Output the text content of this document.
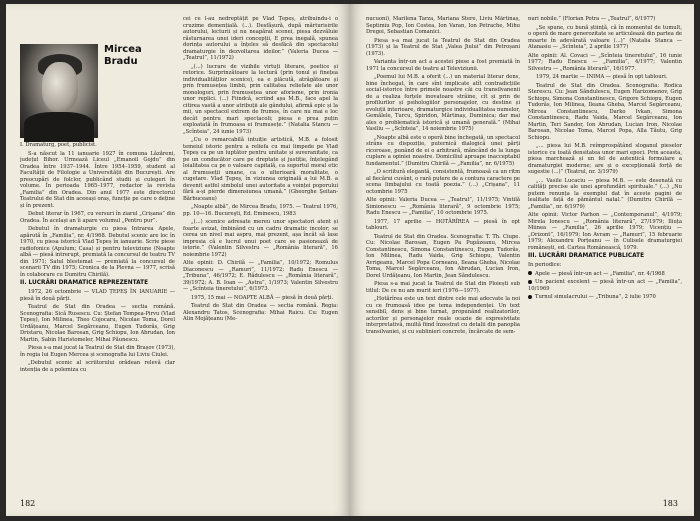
Mircea
Bradu

I. Dramaturg, poet, publicist.

S-a născut la 11 ianuarie 1927 în comuna Lăzăreni, județul Bihor. Urmează Liceul „Emanoil Gojdu” din Oradea între 1937–1944. Între 1954–1959, student al Facultății de Filologie a Universității din București. Are preocupări de folclor, publicând studii și culegeri în volume. În perioada 1965–1977, redactor la revista „Familia” din Oradea. Din anul 1977 este directorul Teatrului de Stat din aceeași oraș, funcție pe care o deține și în prezent.

Debut literar în 1967, cu versuri în ziarul „Crișana” din Oradea. În același an îi apare volumul „Pentru pur”.

Debutul în dramaturgie cu piesa Intrarea Apele, apărută în „Familia”, nr. 4/1968. Debutul scenic are loc în 1970, cu piesa istorică Vlad Țepeș în ianuarie. Scrie piese radiofonice (Apulum; Casa) și pentru televiziune (Noapte albă — piesă intrerupt, premiată la concursul de teatru TV din 1971; Satul blestemat — premiată la concursul de scenarii TV din 1975; Cronica de la Plevna — 1977, scrisă în colaborare cu Dumitru Chirilă).

II. LUCRĂRI DRAMATICE REPREZENTATE

1972, 26 octombrie — VLAD ȚEPEȘ ÎN IANUARIE — piesă în două părți.

Teatrul de Stat din Oradea — sectia română. Scenografia: Sică Rusescu. Cu: Ștefan Tempea-Pirvu (Vlad Țepeș), Ion Milinea, Theo Cojocaru, Nicolae Toma, Dorel Urdățeanu, Marcel Segărceanu, Eugen Tudorăs, Grig Dristaru, Nicolae Barosan, Grig Schiopu, Ion Abrudan, Ion Martin, Sabin Haristomeler, Mihai Păunescu.

Piesa s-a mai jucat la Teatrul de Stat din Brașov (1973), în regia lui Eugen Mercea și scenografia lui Liviu Ciulei.

„Debutul scenic al scriitorului orădean relevă clar intenția de a polemiza cu

cei ce l-au nedreptățit pe Vlad Țepeș, atribuindu-i o cruzime demențială. (...). Desfășură, după mărturisirile autorului, lecturii și nu neapărat scenei, piesa dezvăluie răsturnarea unei ideri concepții, E prea inegală, spunea dorința autorului a înțeles să desfăcă din spectacolul dramaturgie în dezvoltarea ideilor.” (Valeria Ducea — „Teatrul”, 11/1972)

„(...) lucrare de vizibile virtuți literare, poetice și retorice. Surprinzătoare la lectură (prin tonul și finețea individualităților scenice), ea e plăcută, atrăgătoare și prin frumusețea limbii, prin calitatea reliefate ale unor monologuri, prin frumusețea unor aforisme, prin ironia unor replici. (...) Fiindcă, scriind așa M.B., face apel la citirea vastă a unor atribuții ale gândului, afirmă epic și la mii, un spectacol extrem de frumos, în care nu mai e loc decât pentru mari spectacoli; piesa e prea puțin exploatată în frumoasa ei frumusețe.” (Natalia Stancu — „Scînteia”, 24 iunie 1973)

„Cu o remarcabilă intuiție artistică, M.B. a folosit temeiul istoric pentru a reliefa cu mai limpede pe Vlad Țepeș ca pe un luptător pentru unitate și suveranitate, ca pe un conducător care pe dreptate și justiție, înțelegând loialitatea ca pe o valoare capitală, ca suportul moral etic al frumuseții umane, ca o ulterioară moralitate, o cugetare. Vlad Țepeș, în viziunea originală a lui M.B. a devenit astfel simbolul unei autoritate a voinței poporului fără a-și pierde dimensiunea umană.” (Gheorghe Șeitan-Bărbuceanu)

„Noapte albă”, de Mircea Bradu, 1975. — Teatrul 1976, pp. 10—16. Bucureşti, Ed. Eminescu, 1983

„(...) scenice adresate mereu unor spectatori atent și foarte avizat, îmbinând cu un cadru dramatic incolor; se cerea un nivel mai aspru, mai prezent, așa încât să lase impresia că e lucrul unui poet care se pasionează de istorie.” (Valentin Silvestru — „România literară”, 16 noiembrie 1972)

Alte opinii: D. Chirilă — „Familia”, 10/1972; Romulus Diaconescu — „Ramuri”, 11/1972; Radu Enescu — „Tribuna”, 46/1972; E. Rădulescu — „România literară”, 39/1972; A. B. Ioan — „Astra”, 1/1973; Valentin Silvestru — „Scînteia tineretului”, 6/1973.

1975, 15 mai — NOAPTE ALBĂ — piesă în două părți.

Teatrul de Stat din Oradea — sectia română. Regia: Alexandru Tatos, Scenografia: Mihai Raicu. Cu: Eugen Alin Mojățeanu (Me-

182

nucuoni), Marilena Tarza, Mariana Stere, Liviu Mărtinaș, Septimiu Pop, Ion Costea, Ion Varan, Ion Petrache, Mihu Dregoi, Sebastian Comanici.

Piesa s-a mai jucat la Teatrul de Stat din Oradea (1973) și la Teatrul de Stat „Valea Jiului” din Petroșani (1973).

Varianta într-un act a acestei piese a fost premiată în 1971 la concursul de teatru al Televiziunii.

„Poemul lui M.B. a oferit (...) un material literar dens, bine închegat, în care sînt implicate atît contradicțiile social-istorice între primele noastre căi cu transilvanenii de a realiza forțele inovatoare strâine, cît și prin de profilurilor și psihologiilor personajelor, cu destine și evoluții interioare, dramaturgice individualitatea numelor, Gemălele, Turcu, Spiridon, Mărtinaș, Duminica; dar mai ales o problematică istorică și umană generală.” (Mihai Vasiliu — „Scînteia”, 14 noiembrie 1975)

„Noapte albă este o operă bine închegată, un spectacol strâns cu dispoziție, puternică dialogică unei părți ricoroase, punând de ei o arbitrară, mâncând de la lunga cuplare a opiniei noastre. Domiciliul aproape inacceptabil fundamentul.” (Dumitru Chirilă — „Familia”, nr. 6/1975)

„O scriitură elegantă, consistentă, frumoasă ca un ritm al fiecărui cuvânt, o rară putere de a contura caractere pe scena limbajului cu toată poezia.” (...) „Crișana”, 11 octombrie 1975

Alte opinii: Valeria Ducea — „Teatrul”, 11/1975; Vintilă Simionescu — „România literară”, 9 octombrie 1975; Radu Enescu — „Familia”, 10 octombrie 1975.

1977, 17 aprilie — HOTĂRÎREA — piesă în opt tablouri.

Teatrul de Stat din Oradea. Scenografia: T. Th. Ciupe. Cu: Nicolae Barosan, Eugen Pa Pupăzeanu, Mircea Constantinescu, Simona Constantinescu, Eugen Tudorăs, Ion Milinea, Radu Vaida, Grig Schiopu, Valentin Avrigeanu, Marcel Popa Corneanu, Ileana Gheba, Nicolae Toma, Marcel Segărceanu, Ion Abrudan, Lucian Iron, Dorel Urdățeanu, Ion Martin, Jean Săndulescu.

Piesa s-a mai jucat la Teatrul de Stat din Ploiești sub titlul: De ce nu am murit ieri (1976—1977).

„Hotărîrea este un text dintre cele mai adecvate la noi cu ce frumoasă idee pe tema independenței. Un text sensibil, dens și bine turnat, propunând realizatorilor, actorilor și personajelor reale ocazie de expresivitate interpretativă, multă fiind înzestrat cu detalii din panoplia transilvaniei, și cu sublinieri concrete, încărcate de sem-

nuri nobile.” (Florian Potra — „Teatrul”, 6/1977)

„Se spune, cu bună știință, că în momentul de tumult, o operă de mare generozitate se articulează din partea de moarte în adevărată valoare (...)” (Natalia Stanca — Atanasiu — „Scînteia”, 2 aprilie 1977)

Alte opinii: Al. Covaci — „Scînteia tineretului”, 16 iunie 1977; Radu Enescu — „Familia”, 4/1977; Valentin Silvestru — „România literară”, 16/1977.

1979, 24 martie — INIMA — piesă în opt tablouri.

Teatrul de Stat din Oradea. Scenografia: Rodica Sterescu. Cu: Jean Săndulescu, Eugen Harizomenov, Grig Schiopu, Simona Constantinescu, Grigore Schiopu, Eugen Tudorăs, Ion Milinea, Ileana Gheba, Marcel Segărceanu, Mircea Constantinescu, Darko Ivkan, Simona Constantinescu, Radu Vaida, Marcel Segărceanu, Ion Martin, Teri Sandor, Ion Abrudan, Lucian Iron, Nicolae Barosan, Nicolae Toma, Marcel Popa, Alla Tăutu, Grig Schiopu.

„... piesa lui M.B. reîmprospătând sloganul pieselor istorice cu toată densitatea unor mari epoci. Prin aceasta, piesa marchează și un fel de autentică formulare a dramaturgiei moderne; are și o excepțională forță de sugestie (...)” (Teatrul, nr. 3/1979)

„... Vasile Lucaciu — piesa M.B. — este desenată cu calități precise ale unei aprofundări spirituale.” (...) „Nu putem renunța la exemplul dat în aceste pagini de lealitate față de pământul natal.” (Dumitru Chirilă — „Familia”, nr. 6/1979)

Alte opinii: Victor Parhon — „Contemporanul”, 4/1979; Mirela Ionescu — „România literară”, 27/1979; Iliuța Miinea — „Familia”, 26 aprilie 1979; Vicențiu — „Orizont”, 16/1979; Ion Avram — „Ramuri”, 15 februarie 1979; Alexandru Porțeanu — în Culisele dramaturgiei românești, ed. Cartea Românească, 1979.

III. LUCRĂRI DRAMATICE PUBLICATE

In periodice:

Apele — piesă într-un act — „Familia”, nr. 4/1968

Un pacient excelent — piesă într-un act — „Familia”, 10/1969

Turnul simulacrului — „Tribuna”, 2 iulie 1970

183
